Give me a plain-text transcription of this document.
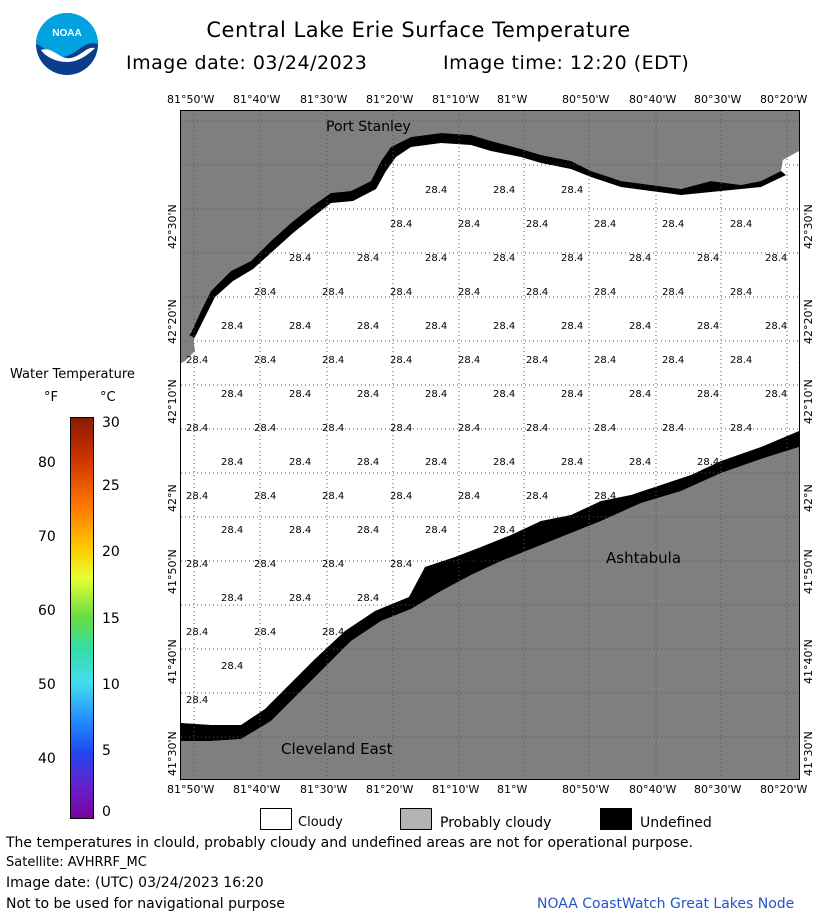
NOAA	Central Lake Erie Surface Temperature
Image date: 03/24/2023	Image time: 12:20 (EDT)
81°50'W 81°40'W 81°30'W 81°20'W 81°10'W 81°W	80°50'W 80°40'W 80°30'W 80°20'W
81°50'W 81°40'W 81°30'W 81°20'W 81°10'W 81°W	80°50'W 80°40'W 80°30'W 80°20'W
42°30'N
42°20'N
42°10'N
42°N
41°50'N
41°40'N
41°30'N
42°30'N
42°20'N
42°10'N
42°N
41°50'N
41°40'N
41°30'N
28.4	28.4	28.4
28.4	28.4	28.4	28.4	28.4	28.4
28.4	28.4	28.4	28.4	28.4	28.4	28.4	28.4
28.4	28.4	28.4	28.4	28.4	28.4	28.4	28.4
28.4	28.4	28.4	28.4	28.4	28.4	28.4	28.4	28.4
28.4	28.4	28.4	28.4	28.4	28.4	28.4	28.4	28.4
28.4	28.4	28.4	28.4	28.4	28.4	28.4	28.4	28.4
28.4	28.4	28.4	28.4	28.4	28.4	28.4	28.4	28.4
28.4	28.4	28.4	28.4	28.4	28.4	28.4	28.4
28.4	28.4	28.4	28.4	28.4	28.4	28.4
28.4	28.4	28.4	28.4	28.4
28.4	28.4	28.4	28.4	28.4
28.4	28.4	28.4
28.4	28.4	28.4
28.4
28.4
Port Stanley
Ashtabula
Cleveland East
Water Temperature
°F	°C
80
70
60
50
40
30
25
20
15
10
5
0
Cloudy	Probably cloudy	Undefined
The temperatures in clould, probably cloudy and undefined areas are not for operational purpose.
Satellite: AVHRRF_MC
Image date: (UTC) 03/24/2023 16:20
Not to be used for navigational purpose	NOAA CoastWatch Great Lakes Node
